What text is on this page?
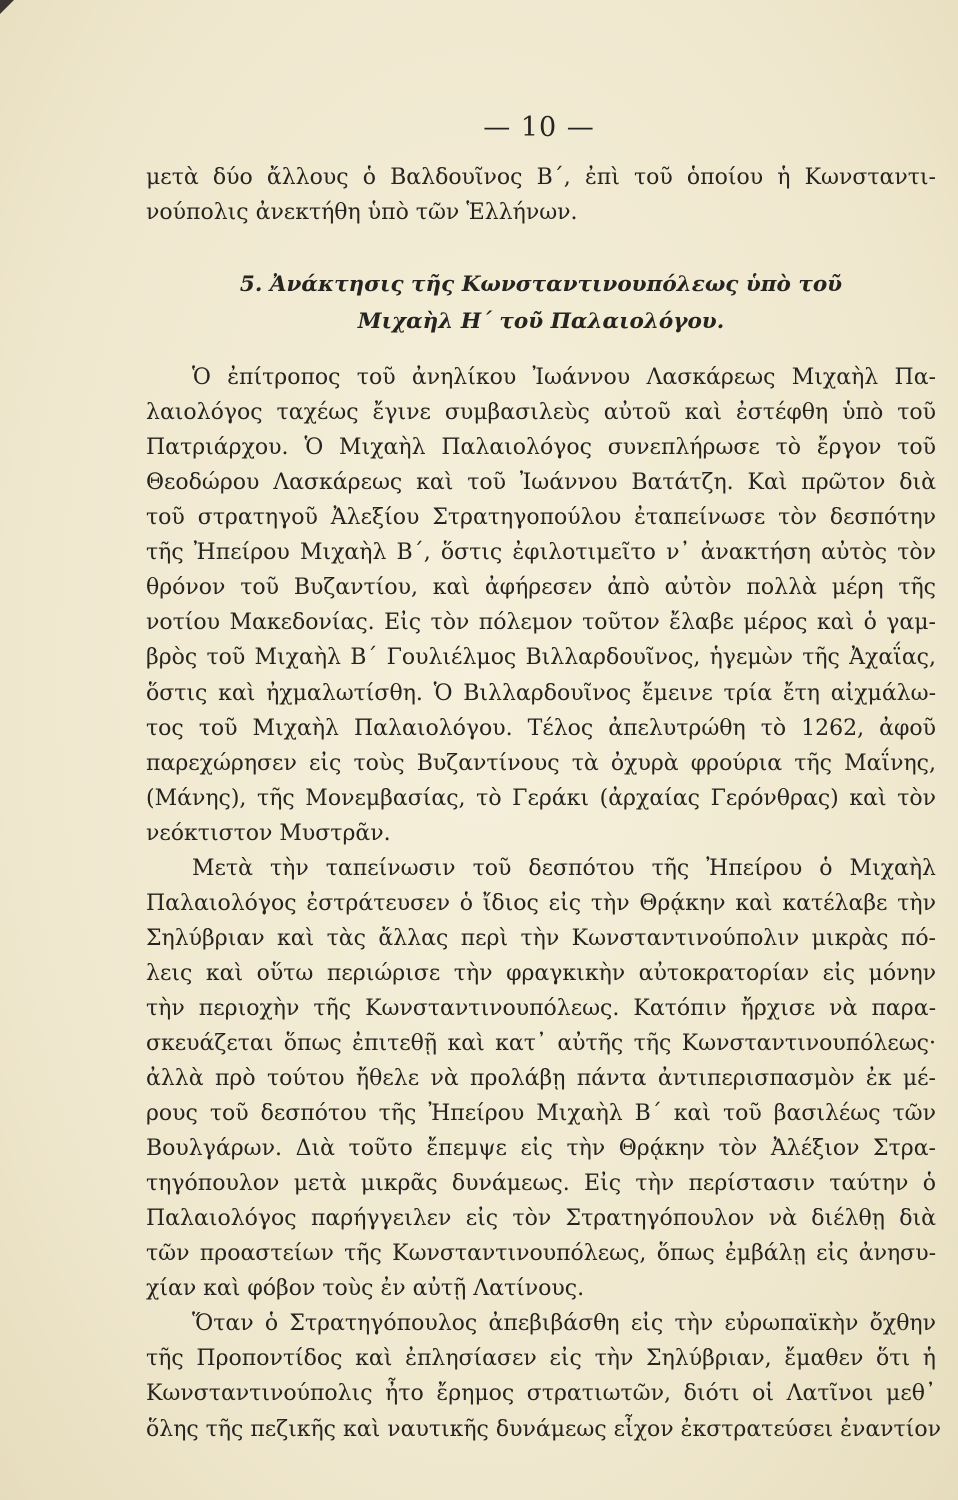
— 10 —
μετὰ δύο ἄλλους ὁ Βαλδουῖνος Β΄, ἐπὶ τοῦ ὁποίου ἡ Κωνσταντι-
νούπολις ἀνεκτήθη ὑπὸ τῶν Ἑλλήνων.
5. Ἀνάκτησις τῆς Κωνσταντινουπόλεως ὑπὸ τοῦ
Μιχαὴλ Η΄ τοῦ Παλαιολόγου.
Ὁ ἐπίτροπος τοῦ ἀνηλίκου Ἰωάννου Λασκάρεως Μιχαὴλ Πα-
λαιολόγος ταχέως ἔγινε συμβασιλεὺς αὐτοῦ καὶ ἐστέφθη ὑπὸ τοῦ
Πατριάρχου. Ὁ Μιχαὴλ Παλαιολόγος συνεπλήρωσε τὸ ἔργον τοῦ
Θεοδώρου Λασκάρεως καὶ τοῦ Ἰωάννου Βατάτζη. Καὶ πρῶτον διὰ
τοῦ στρατηγοῦ Ἀλεξίου Στρατηγοπούλου ἐταπείνωσε τὸν δεσπότην
τῆς Ἠπείρου Μιχαὴλ Β΄, ὅστις ἐφιλοτιμεῖτο ν᾿ ἀνακτήση αὐτὸς τὸν
θρόνον τοῦ Βυζαντίου, καὶ ἀφήρεσεν ἀπὸ αὐτὸν πολλὰ μέρη τῆς
νοτίου Μακεδονίας. Εἰς τὸν πόλεμον τοῦτον ἔλαβε μέρος καὶ ὁ γαμ-
βρὸς τοῦ Μιχαὴλ Β΄ Γουλιέλμος Βιλλαρδουῖνος, ἡγεμὼν τῆς Ἀχαΐας,
ὅστις καὶ ἠχμαλωτίσθη. Ὁ Βιλλαρδουῖνος ἔμεινε τρία ἔτη αἰχμάλω-
τος τοῦ Μιχαὴλ Παλαιολόγου. Τέλος ἀπελυτρώθη τὸ 1262, ἀφοῦ
παρεχώρησεν εἰς τοὺς Βυζαντίνους τὰ ὀχυρὰ φρούρια τῆς Μαΐνης,
(Μάνης), τῆς Μονεμβασίας, τὸ Γεράκι (ἀρχαίας Γερόνθρας) καὶ τὸν
νεόκτιστον Μυστρᾶν.
Μετὰ τὴν ταπείνωσιν τοῦ δεσπότου τῆς Ἠπείρου ὁ Μιχαὴλ
Παλαιολόγος ἐστράτευσεν ὁ ἴδιος εἰς τὴν Θρᾴκην καὶ κατέλαβε τὴν
Σηλύβριαν καὶ τὰς ἄλλας περὶ τὴν Κωνσταντινούπολιν μικρὰς πό-
λεις καὶ οὕτω περιώρισε τὴν φραγκικὴν αὐτοκρατορίαν εἰς μόνην
τὴν περιοχὴν τῆς Κωνσταντινουπόλεως. Κατόπιν ἤρχισε νὰ παρα-
σκευάζεται ὅπως ἐπιτεθῇ καὶ κατ᾿ αὐτῆς τῆς Κωνσταντινουπόλεως·
ἀλλὰ πρὸ τούτου ἤθελε νὰ προλάβῃ πάντα ἀντιπερισπασμὸν ἐκ μέ-
ρους τοῦ δεσπότου τῆς Ἠπείρου Μιχαὴλ Β΄ καὶ τοῦ βασιλέως τῶν
Βουλγάρων. Διὰ τοῦτο ἔπεμψε εἰς τὴν Θρᾴκην τὸν Ἀλέξιον Στρα-
τηγόπουλον μετὰ μικρᾶς δυνάμεως. Εἰς τὴν περίστασιν ταύτην ὁ
Παλαιολόγος παρήγγειλεν εἰς τὸν Στρατηγόπουλον νὰ διέλθῃ διὰ
τῶν προαστείων τῆς Κωνσταντινουπόλεως, ὅπως ἐμβάλῃ εἰς ἀνησυ-
χίαν καὶ φόβον τοὺς ἐν αὐτῇ Λατίνους.
Ὅταν ὁ Στρατηγόπουλος ἀπεβιβάσθη εἰς τὴν εὐρωπαϊκὴν ὄχθην
τῆς Προποντίδος καὶ ἐπλησίασεν εἰς τὴν Σηλύβριαν, ἔμαθεν ὅτι ἡ
Κωνσταντινούπολις ἦτο ἔρημος στρατιωτῶν, διότι οἱ Λατῖνοι μεθ᾿
ὅλης τῆς πεζικῆς καὶ ναυτικῆς δυνάμεως εἶχον ἐκστρατεύσει ἐναντίον
